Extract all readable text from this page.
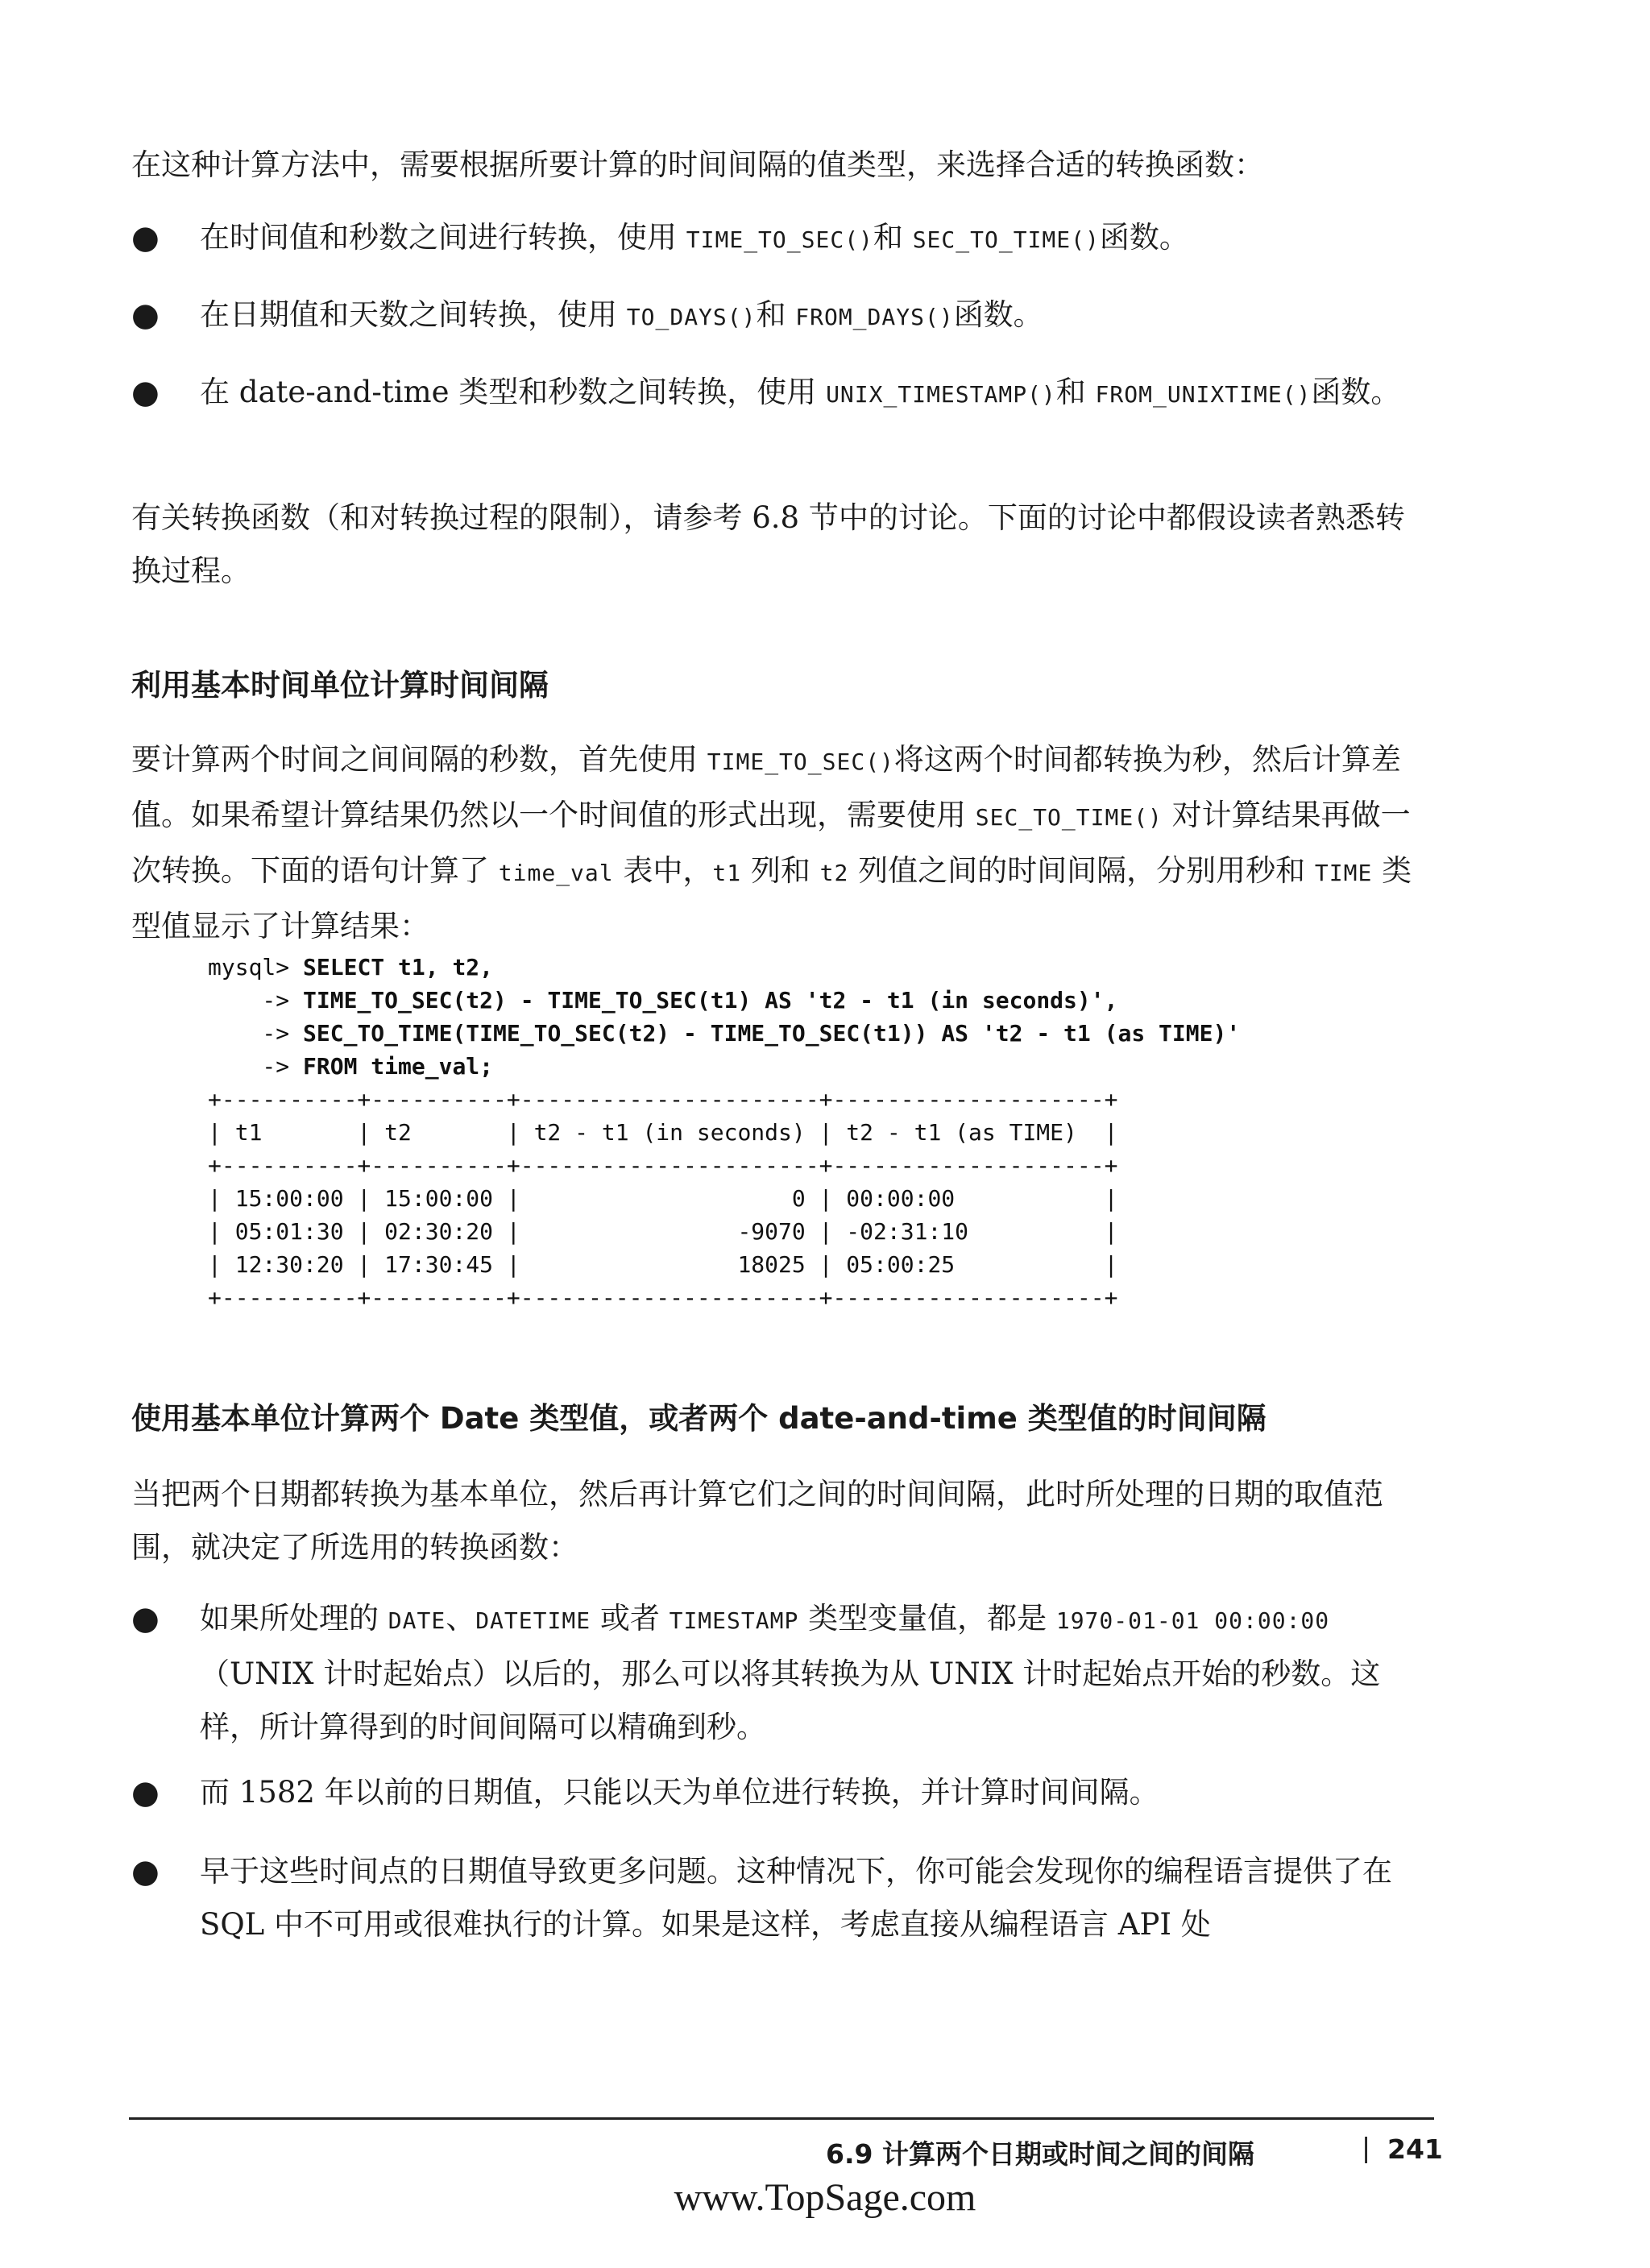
在这种计算方法中，需要根据所要计算的时间间隔的值类型，来选择合适的转换函数：

● 在时间值和秒数之间进行转换，使用 TIME_TO_SEC()和 SEC_TO_TIME()函数。
● 在日期值和天数之间转换，使用 TO_DAYS()和 FROM_DAYS()函数。
● 在 date-and-time 类型和秒数之间转换，使用 UNIX_TIMESTAMP()和 FROM_UNIXTIME()函数。

有关转换函数（和对转换过程的限制），请参考 6.8 节中的讨论。下面的讨论中都假设读者熟悉转换过程。

利用基本时间单位计算时间间隔

要计算两个时间之间间隔的秒数，首先使用 TIME_TO_SEC()将这两个时间都转换为秒，然后计算差值。如果希望计算结果仍然以一个时间值的形式出现，需要使用 SEC_TO_TIME() 对计算结果再做一次转换。下面的语句计算了 time_val 表中，t1 列和 t2 列值之间的时间间隔，分别用秒和 TIME 类型值显示了计算结果：

mysql> SELECT t1, t2,
-> TIME_TO_SEC(t2) - TIME_TO_SEC(t1) AS 't2 - t1 (in seconds)',
-> SEC_TO_TIME(TIME_TO_SEC(t2) - TIME_TO_SEC(t1)) AS 't2 - t1 (as TIME)'
-> FROM time_val;
+----------+----------+----------------------+--------------------+
| t1       | t2       | t2 - t1 (in seconds) | t2 - t1 (as TIME)  |
+----------+----------+----------------------+--------------------+
| 15:00:00 | 15:00:00 |                    0 | 00:00:00           |
| 05:01:30 | 02:30:20 |                -9070 | -02:31:10          |
| 12:30:20 | 17:30:45 |                18025 | 05:00:25           |
+----------+----------+----------------------+--------------------+
使用基本单位计算两个 Date 类型值，或者两个 date-and-time 类型值的时间间隔

当把两个日期都转换为基本单位，然后再计算它们之间的时间间隔，此时所处理的日期的取值范围，就决定了所选用的转换函数：

● 如果所处理的 DATE、DATETIME 或者 TIMESTAMP 类型变量值，都是 1970-01-01 00:00:00（UNIX 计时起始点）以后的，那么可以将其转换为从 UNIX 计时起始点开始的秒数。这样，所计算得到的时间间隔可以精确到秒。
● 而 1582 年以前的日期值，只能以天为单位进行转换，并计算时间间隔。
● 早于这些时间点的日期值导致更多问题。这种情况下，你可能会发现你的编程语言提供了在 SQL 中不可用或很难执行的计算。如果是这样，考虑直接从编程语言 API 处
6.9 计算两个日期或时间之间的间隔	| 241
www.TopSage.com
